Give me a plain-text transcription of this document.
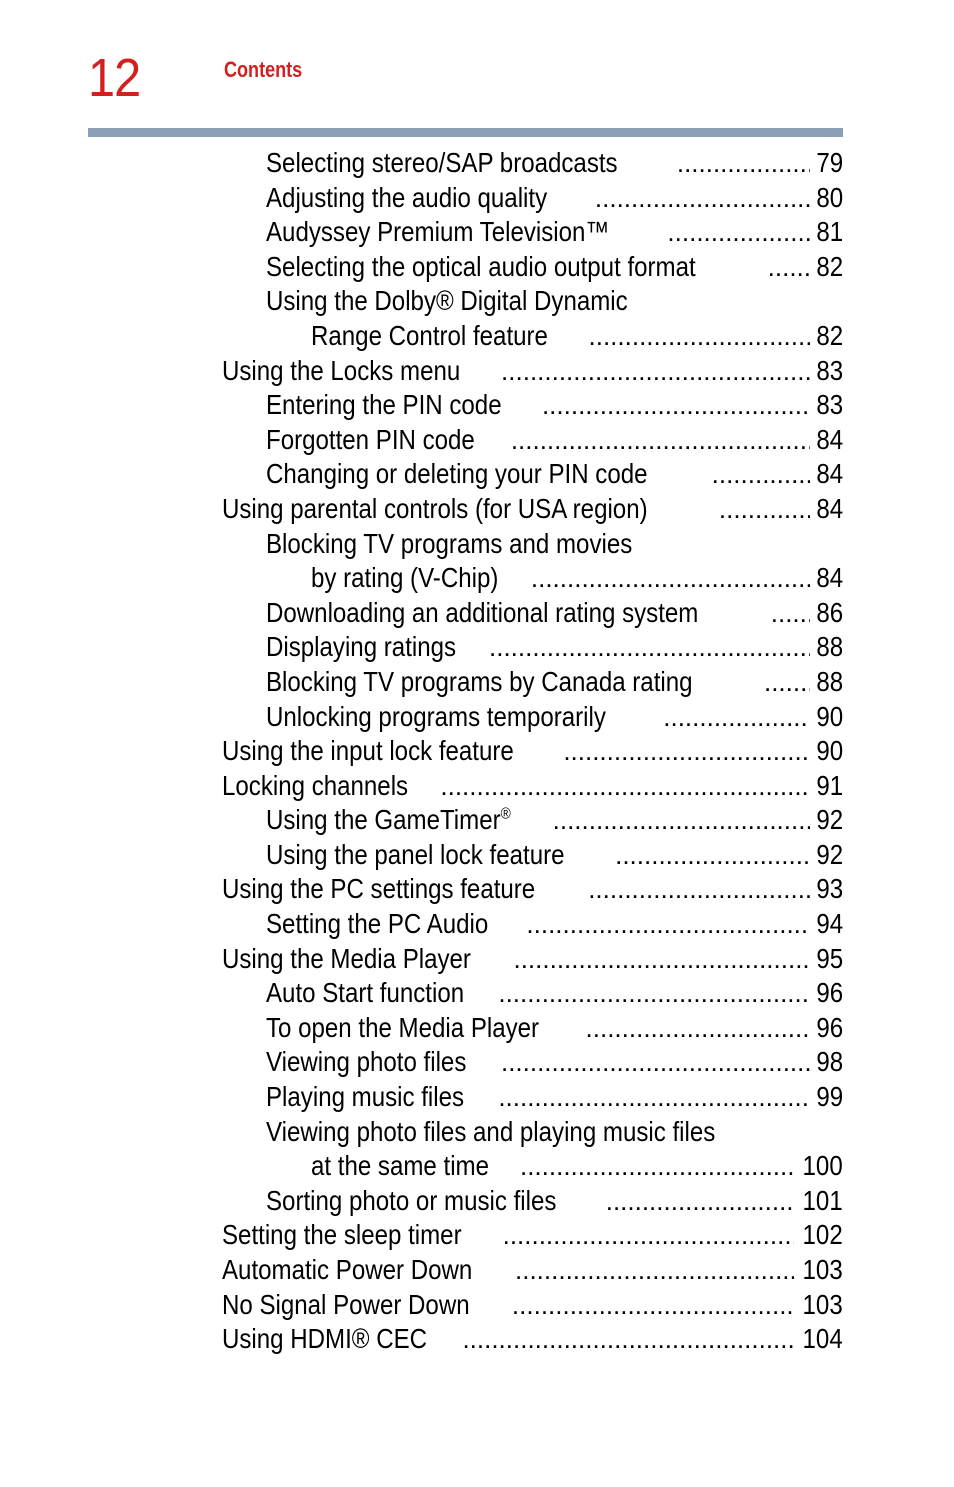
12	Contents
Selecting stereo/SAP broadcasts .....	79
Adjusting the audio quality .....	80
Audyssey Premium Television™ .....	81
Selecting the optical audio output format .....	82
Using the Dolby® Digital Dynamic
Range Control feature .....	82
Using the Locks menu .....	83
Entering the PIN code .....	83
Forgotten PIN code .....	84
Changing or deleting your PIN code .....	84
Using parental controls (for USA region) .....	84
Blocking TV programs and movies
by rating (V-Chip) .....	84
Downloading an additional rating system .....	86
Displaying ratings .....	88
Blocking TV programs by Canada rating .....	88
Unlocking programs temporarily .....	90
Using the input lock feature .....	90
Locking channels .....	91
Using the GameTimer® .....	92
Using the panel lock feature .....	92
Using the PC settings feature .....	93
Setting the PC Audio .....	94
Using the Media Player .....	95
Auto Start function .....	96
To open the Media Player .....	96
Viewing photo files .....	98
Playing music files .....	99
Viewing photo files and playing music files
at the same time .....	100
Sorting photo or music files .....	101
Setting the sleep timer .....	102
Automatic Power Down .....	103
No Signal Power Down .....	103
Using HDMI® CEC .....	104
